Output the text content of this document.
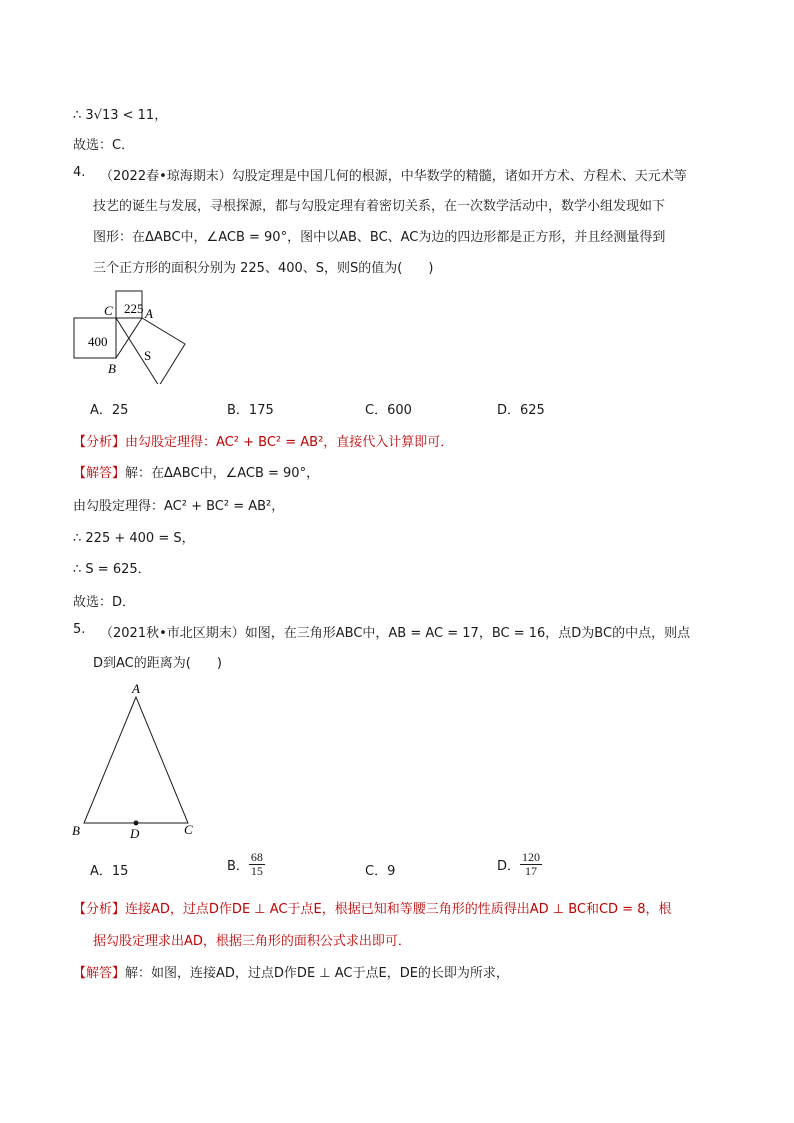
∴ 3√13 < 11，
故选：C．
4. （2022春•琼海期末）勾股定理是中国几何的根源，中华数学的精髓，诸如开方术、方程术、天元术等
技艺的诞生与发展，寻根探源，都与勾股定理有着密切关系，在一次数学活动中，数学小组发现如下
图形：在ΔABC中，∠ACB = 90°，图中以AB、BC、AC为边的四边形都是正方形，并且经测量得到
三个正方形的面积分别为 225、400、S，则S的值为(　　)
225
400
S
C A
B
A．25	B．175	C．600	D．625
【分析】由勾股定理得：AC² + BC² = AB²，直接代入计算即可．
【解答】解：在ΔABC中，∠ACB = 90°，
由勾股定理得：AC² + BC² = AB²，
∴ 225 + 400 = S，
∴ S = 625．
故选：D．
5. （2021秋•市北区期末）如图，在三角形ABC中，AB = AC = 17，BC = 16，点D为BC的中点，则点
D到AC的距离为(　　)
A
B	C
D
A．15	B． $\frac{68}{15}$	C．9	D． $\frac{120}{17}$
【分析】连接AD，过点D作DE ⊥ AC于点E，根据已知和等腰三角形的性质得出AD ⊥ BC和CD = 8，根
据勾股定理求出AD，根据三角形的面积公式求出即可．
【解答】解：如图，连接AD，过点D作DE ⊥ AC于点E，DE的长即为所求，
